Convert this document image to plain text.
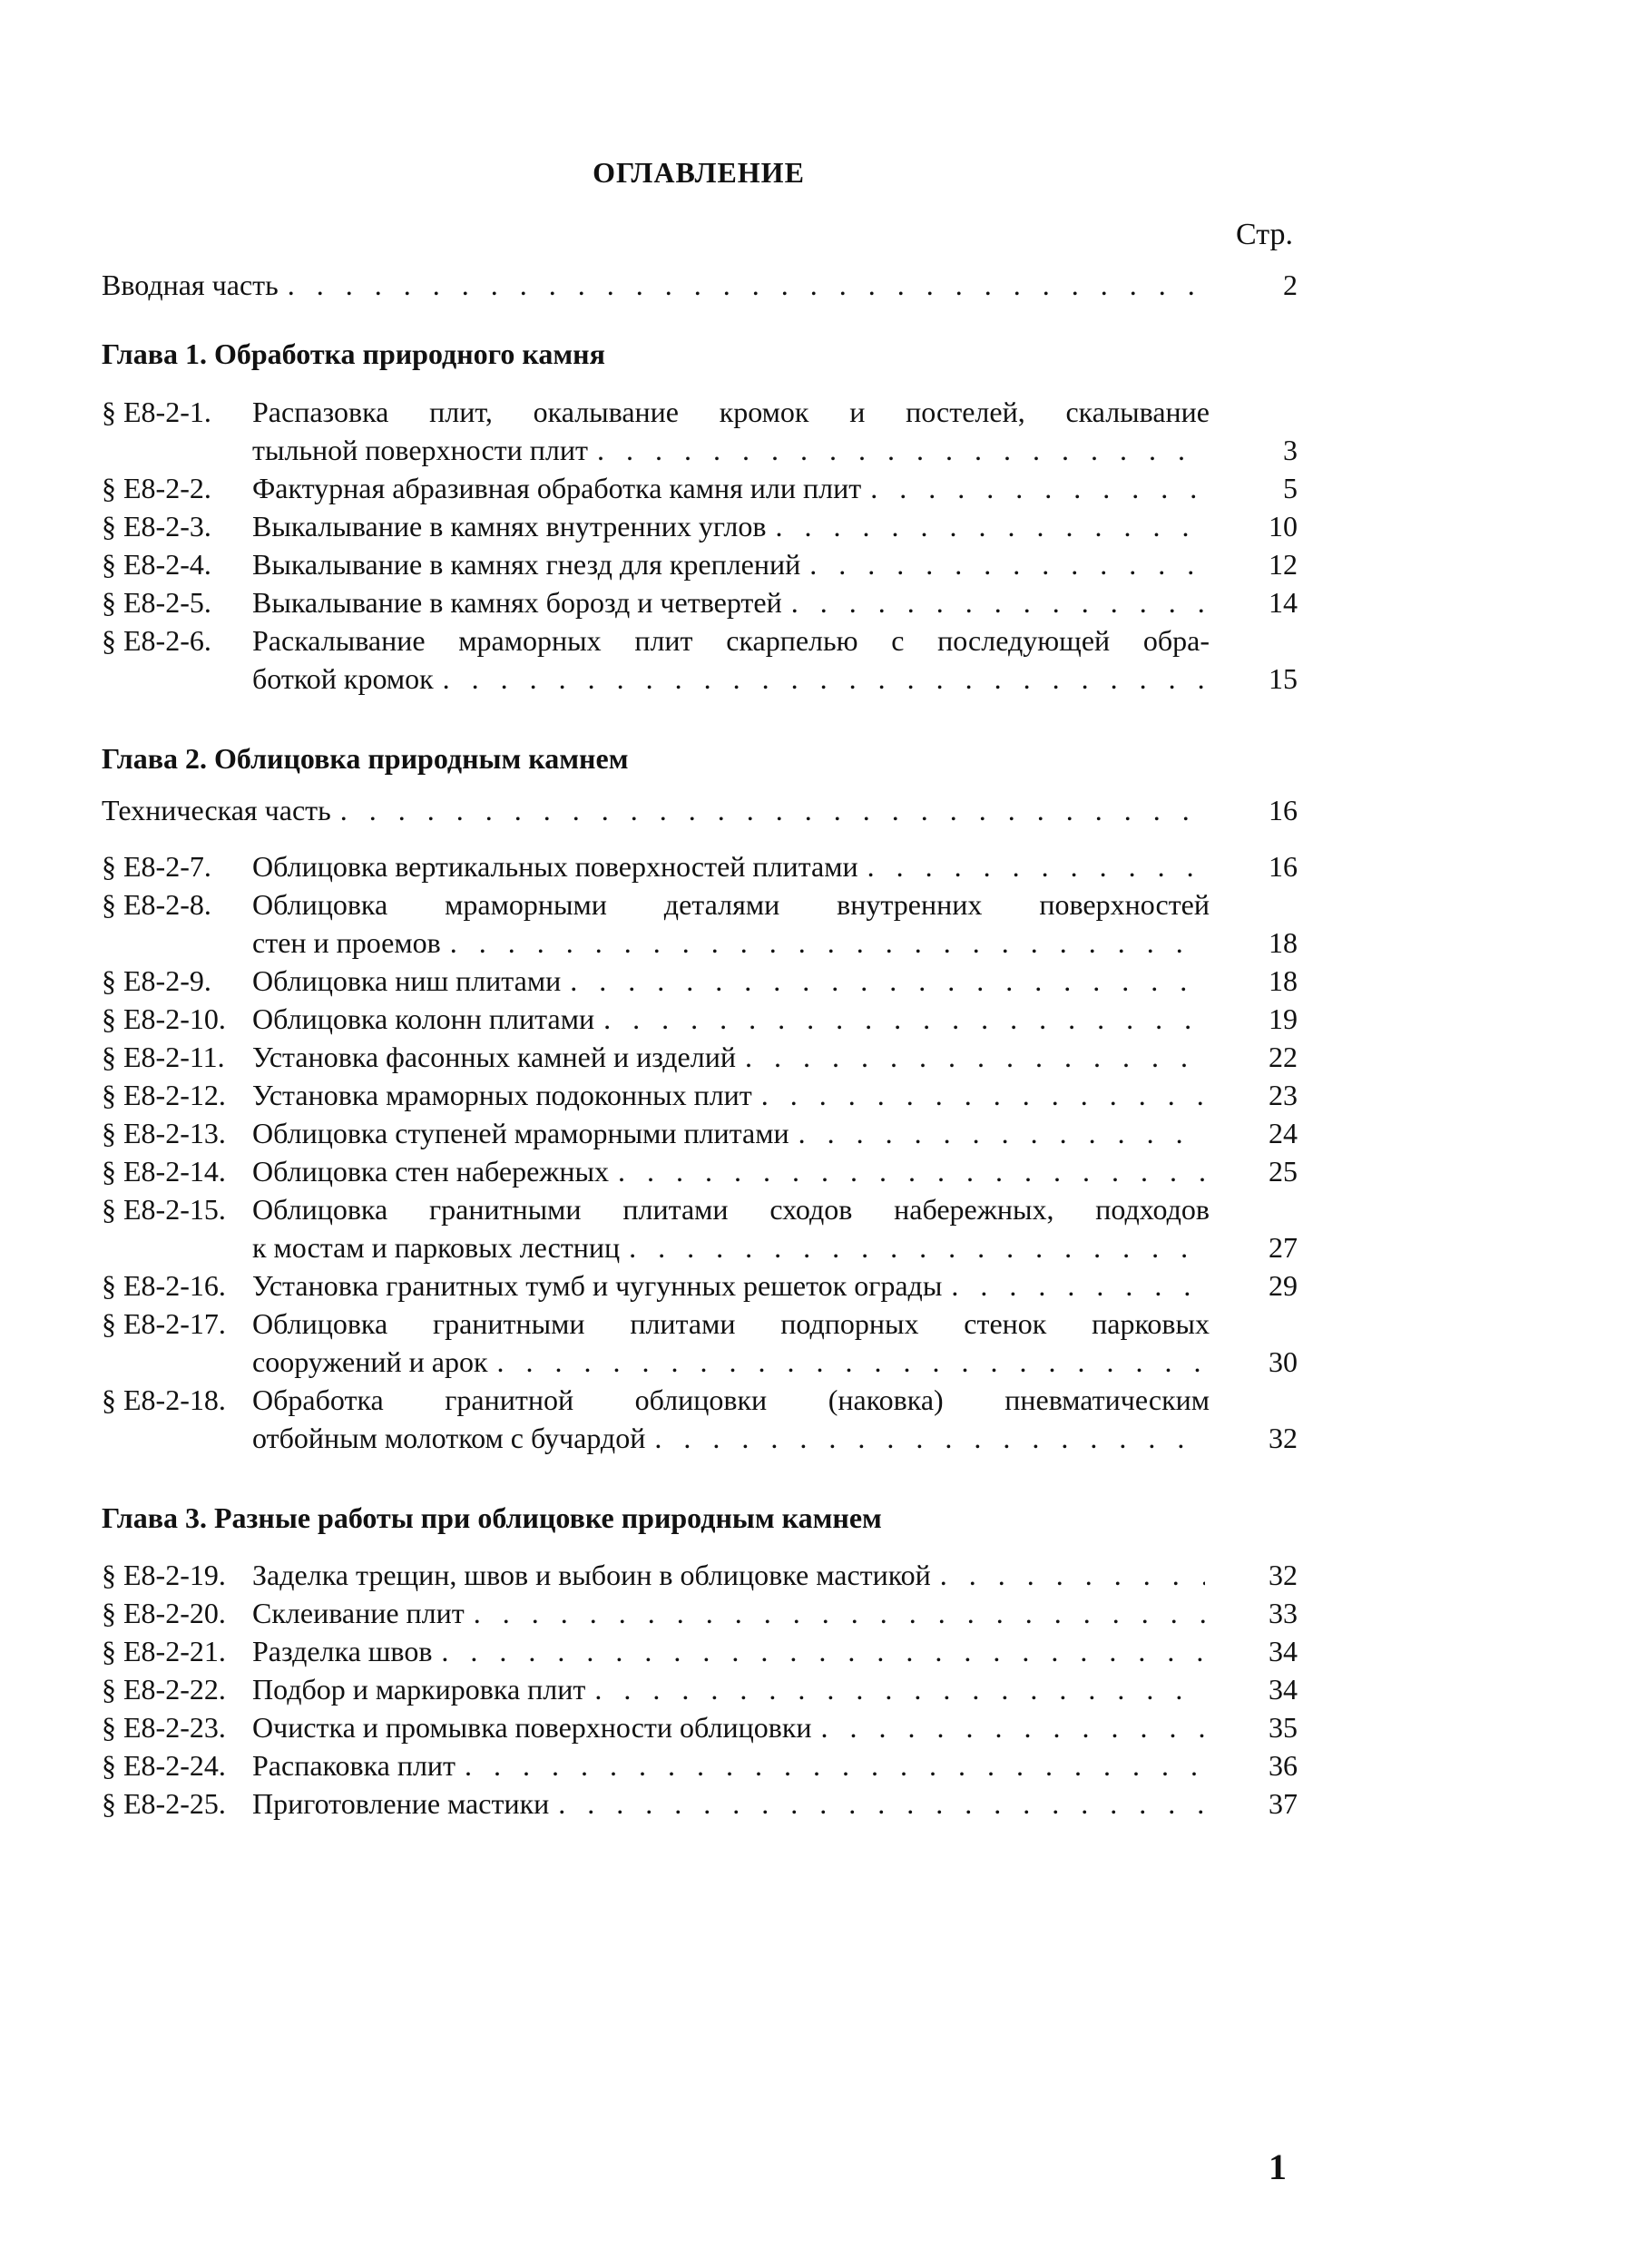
ОГЛАВЛЕНИЕ
Стр.
Вводная часть . . .	2
Глава 1. Обработка природного камня
§ Е8-2-1.	Распазовка плит, окалывание кромок и постелей, скалывание
тыльной поверхности плит . . .	3
§ Е8-2-2.	Фактурная абразивная обработка камня или плит . . .	5
§ Е8-2-3.	Выкалывание в камнях внутренних углов . . .	10
§ Е8-2-4.	Выкалывание в камнях гнезд для креплений . . .	12
§ Е8-2-5.	Выкалывание в камнях борозд и четвертей . . .	14
§ Е8-2-6.	Раскалывание мраморных плит скарпелью с последующей обра-
боткой кромок . . .	15
Глава 2. Облицовка природным камнем
Техническая часть . . .	16
§ Е8-2-7.	Облицовка вертикальных поверхностей плитами . . .	16
§ Е8-2-8.	Облицовка мраморными деталями внутренних поверхностей
стен и проемов . . .	18
§ Е8-2-9.	Облицовка ниш плитами . . .	18
§ Е8-2-10. Облицовка колонн плитами . . .	19
§ Е8-2-11. Установка фасонных камней и изделий . . .	22
§ Е8-2-12. Установка мраморных подоконных плит . . .	23
§ Е8-2-13. Облицовка ступеней мраморными плитами . . .	24
§ Е8-2-14. Облицовка стен набережных . . .	25
§ Е8-2-15. Облицовка гранитными плитами сходов набережных, подходов
к мостам и парковых лестниц . . .	27
§ Е8-2-16. Установка гранитных тумб и чугунных решеток ограды . . .	29
§ Е8-2-17. Облицовка гранитными плитами подпорных стенок парковых
сооружений и арок . . .	30
§ Е8-2-18. Обработка гранитной облицовки (наковка) пневматическим
отбойным молотком с бучардой . . .	32
Глава 3. Разные работы при облицовке природным камнем
§ Е8-2-19. Заделка трещин, швов и выбоин в облицовке мастикой . . .	32
§ Е8-2-20. Склеивание плит . . .	33
§ Е8-2-21. Разделка швов . . .	34
§ Е8-2-22. Подбор и маркировка плит . . .	34
§ Е8-2-23. Очистка и промывка поверхности облицовки . . .	35
§ Е8-2-24. Распаковка плит . . .	36
§ Е8-2-25. Приготовление мастики . . .	37
1
